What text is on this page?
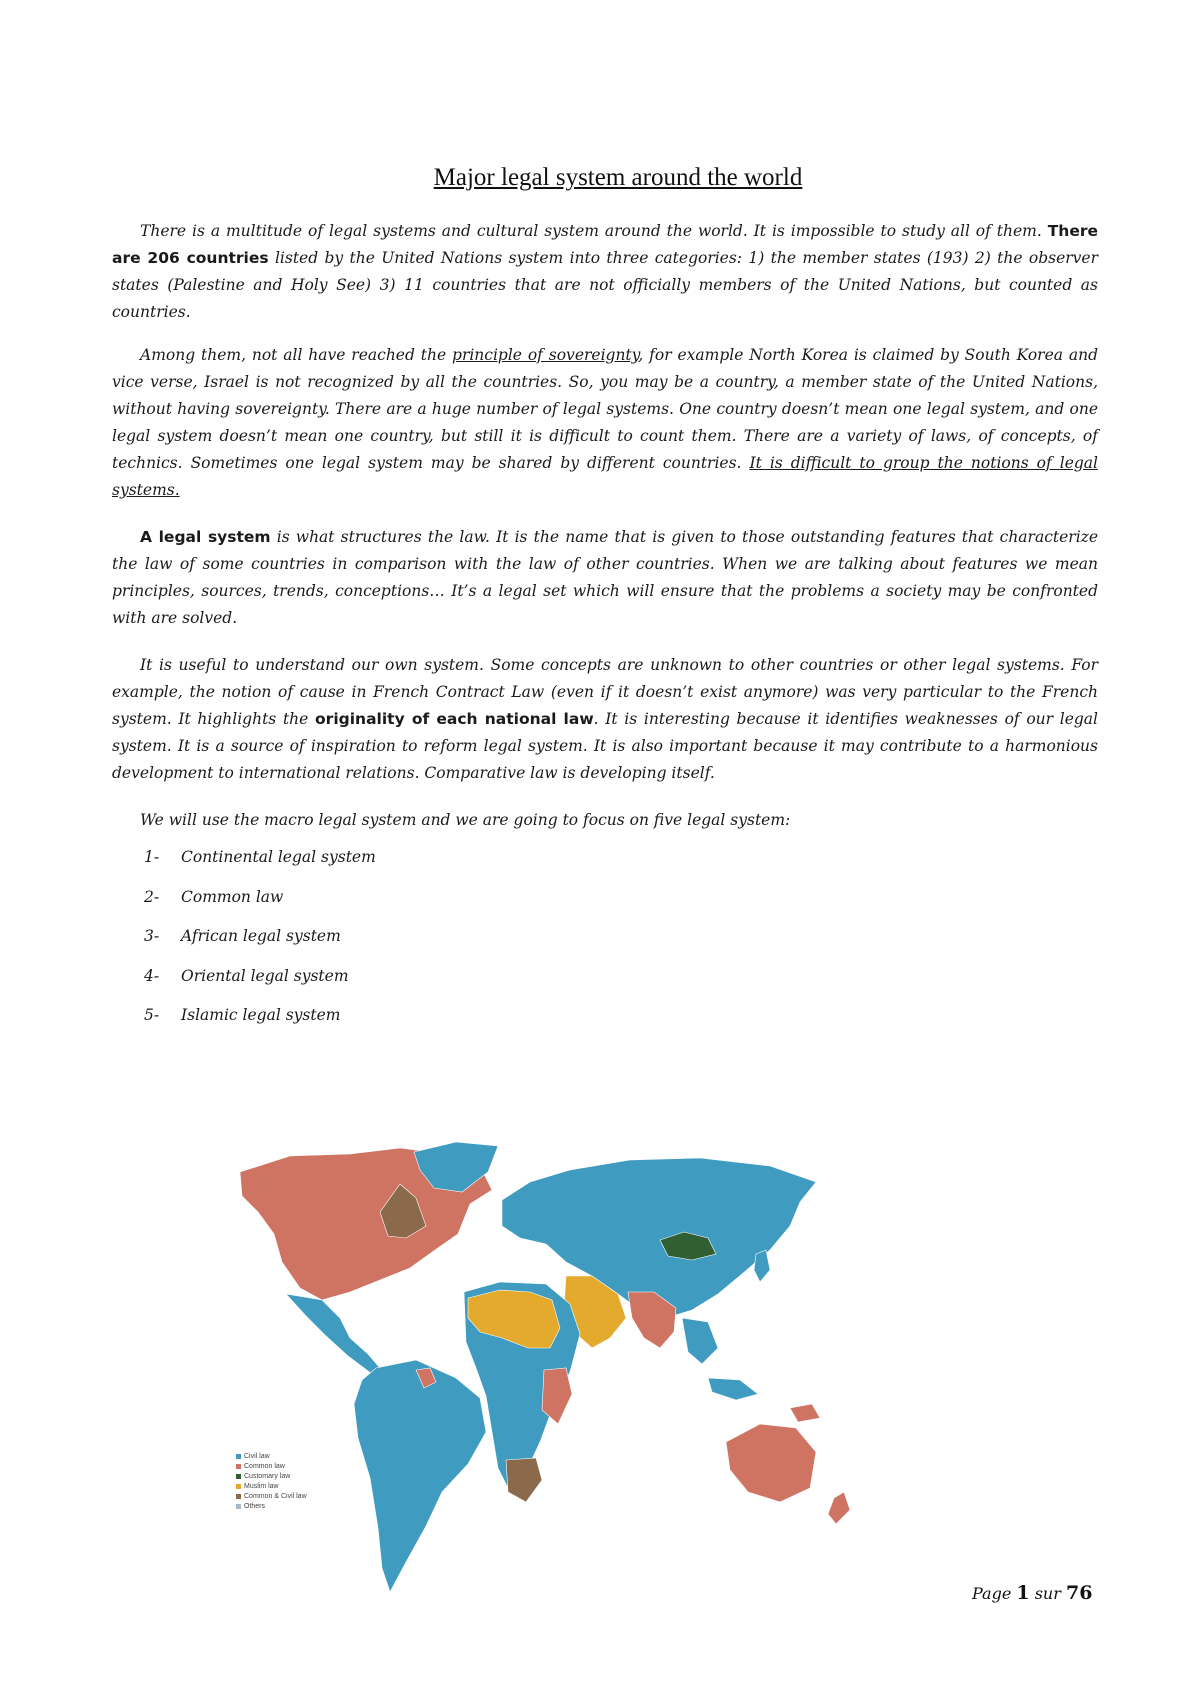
Major legal system around the world

There is a multitude of legal systems and cultural system around the world. It is impossible to study all of them. There are 206 countries listed by the United Nations system into three categories: 1) the member states (193) 2) the observer states (Palestine and Holy See) 3) 11 countries that are not officially members of the United Nations, but counted as countries.

Among them, not all have reached the principle of sovereignty, for example North Korea is claimed by South Korea and vice verse, Israel is not recognized by all the countries. So, you may be a country, a member state of the United Nations, without having sovereignty. There are a huge number of legal systems. One country doesn’t mean one legal system, and one legal system doesn’t mean one country, but still it is difficult to count them. There are a variety of laws, of concepts, of technics. Sometimes one legal system may be shared by different countries. It is difficult to group the notions of legal systems.

A legal system is what structures the law. It is the name that is given to those outstanding features that characterize the law of some countries in comparison with the law of other countries. When we are talking about features we mean principles, sources, trends, conceptions… It’s a legal set which will ensure that the problems a society may be confronted with are solved.

It is useful to understand our own system. Some concepts are unknown to other countries or other legal systems. For example, the notion of cause in French Contract Law (even if it doesn’t exist anymore) was very particular to the French system. It highlights the originality of each national law. It is interesting because it identifies weaknesses of our legal system. It is a source of inspiration to reform legal system. It is also important because it may contribute to a harmonious development to international relations. Comparative law is developing itself.

We will use the macro legal system and we are going to focus on five legal system:

1-	Continental legal system
2-	Common law
3-	African legal system
4-	Oriental legal system
5-	Islamic legal system
Civil law
Common law
Customary law
Muslim law
Common & Civil law
Others
Page 1 sur 76
